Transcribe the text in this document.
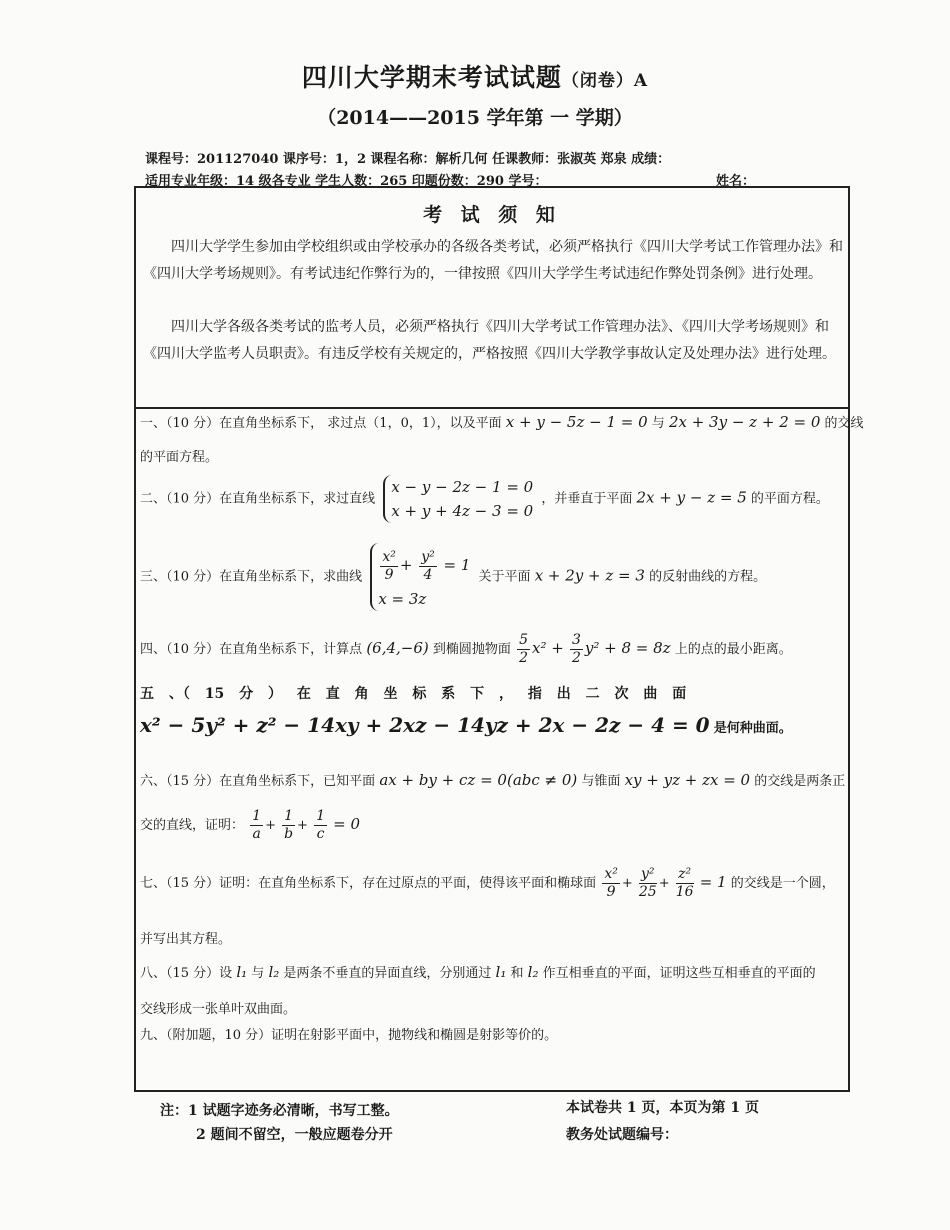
四川大学期末考试试题（闭卷）A
（2014——2015 学年第 一 学期）
课程号：201127040 课序号：1，2 课程名称：解析几何 任课教师：张淑英 郑泉 成绩：
适用专业年级：14 级各专业 学生人数：265 印题份数：290 学号：	姓名：
考 试 须 知
四川大学学生参加由学校组织或由学校承办的各级各类考试，必须严格执行《四川大学考试工作管理办法》和《四川大学考场规则》。有考试违纪作弊行为的，一律按照《四川大学学生考试违纪作弊处罚条例》进行处理。
四川大学各级各类考试的监考人员，必须严格执行《四川大学考试工作管理办法》、《四川大学考场规则》和《四川大学监考人员职责》。有违反学校有关规定的，严格按照《四川大学教学事故认定及处理办法》进行处理。
一、（10 分）在直角坐标系下， 求过点（1，0，1），以及平面 x + y − 5z − 1 = 0 与 2x + 3y − z + 2 = 0 的交线
的平面方程。
二、（10 分）在直角坐标系下，求过直线
x − y − 2z − 1 = 0
x + y + 4z − 3 = 0
，并垂直于平面 2x + y − z = 5 的平面方程。
三、（10 分）在直角坐标系下，求曲线 $\frac{\text{x²}}{9} + \frac{\text{y²}}{4} = 1$
x = 3z
关于平面 x + 2y + z = 3 的反射曲线的方程。
四、（10 分）在直角坐标系下，计算点 (6,4,−6) 到椭圆抛物面 $\frac{5}{2} x^2 + \frac{3}{2} y^2 + 8 = 8z$ 上的点的最小距离。
五 、（ 15 分 ） 在 直 角 坐 标 系 下 ， 指 出 二 次 曲 面
x² − 5y² + z² − 14xy + 2xz − 14yz + 2x − 2z − 4 = 0 是何种曲面。
六、（15 分）在直角坐标系下，已知平面 ax + by + cz = 0(abc ≠ 0) 与锥面 xy + yz + zx = 0 的交线是两条正
交的直线，证明： $\frac{1}{a} + \frac{1}{b} + \frac{1}{c} = 0$
七、（15 分）证明：在直角坐标系下，存在过原点的平面，使得该平面和椭球面 $\frac{\text{x²}}{9} + \frac{\text{y²}}{25} + \frac{\text{z²}}{16} = 1$ 的交线是一个圆，
并写出其方程。
八、（15 分）设 l₁ 与 l₂ 是两条不垂直的异面直线，分别通过 l₁ 和 l₂ 作互相垂直的平面，证明这些互相垂直的平面的
交线形成一张单叶双曲面。
九、（附加题，10 分）证明在射影平面中，抛物线和椭圆是射影等价的。
注：1 试题字迹务必清晰，书写工整。
2 题间不留空，一般应题卷分开
本试卷共 1 页，本页为第 1 页
教务处试题编号：
